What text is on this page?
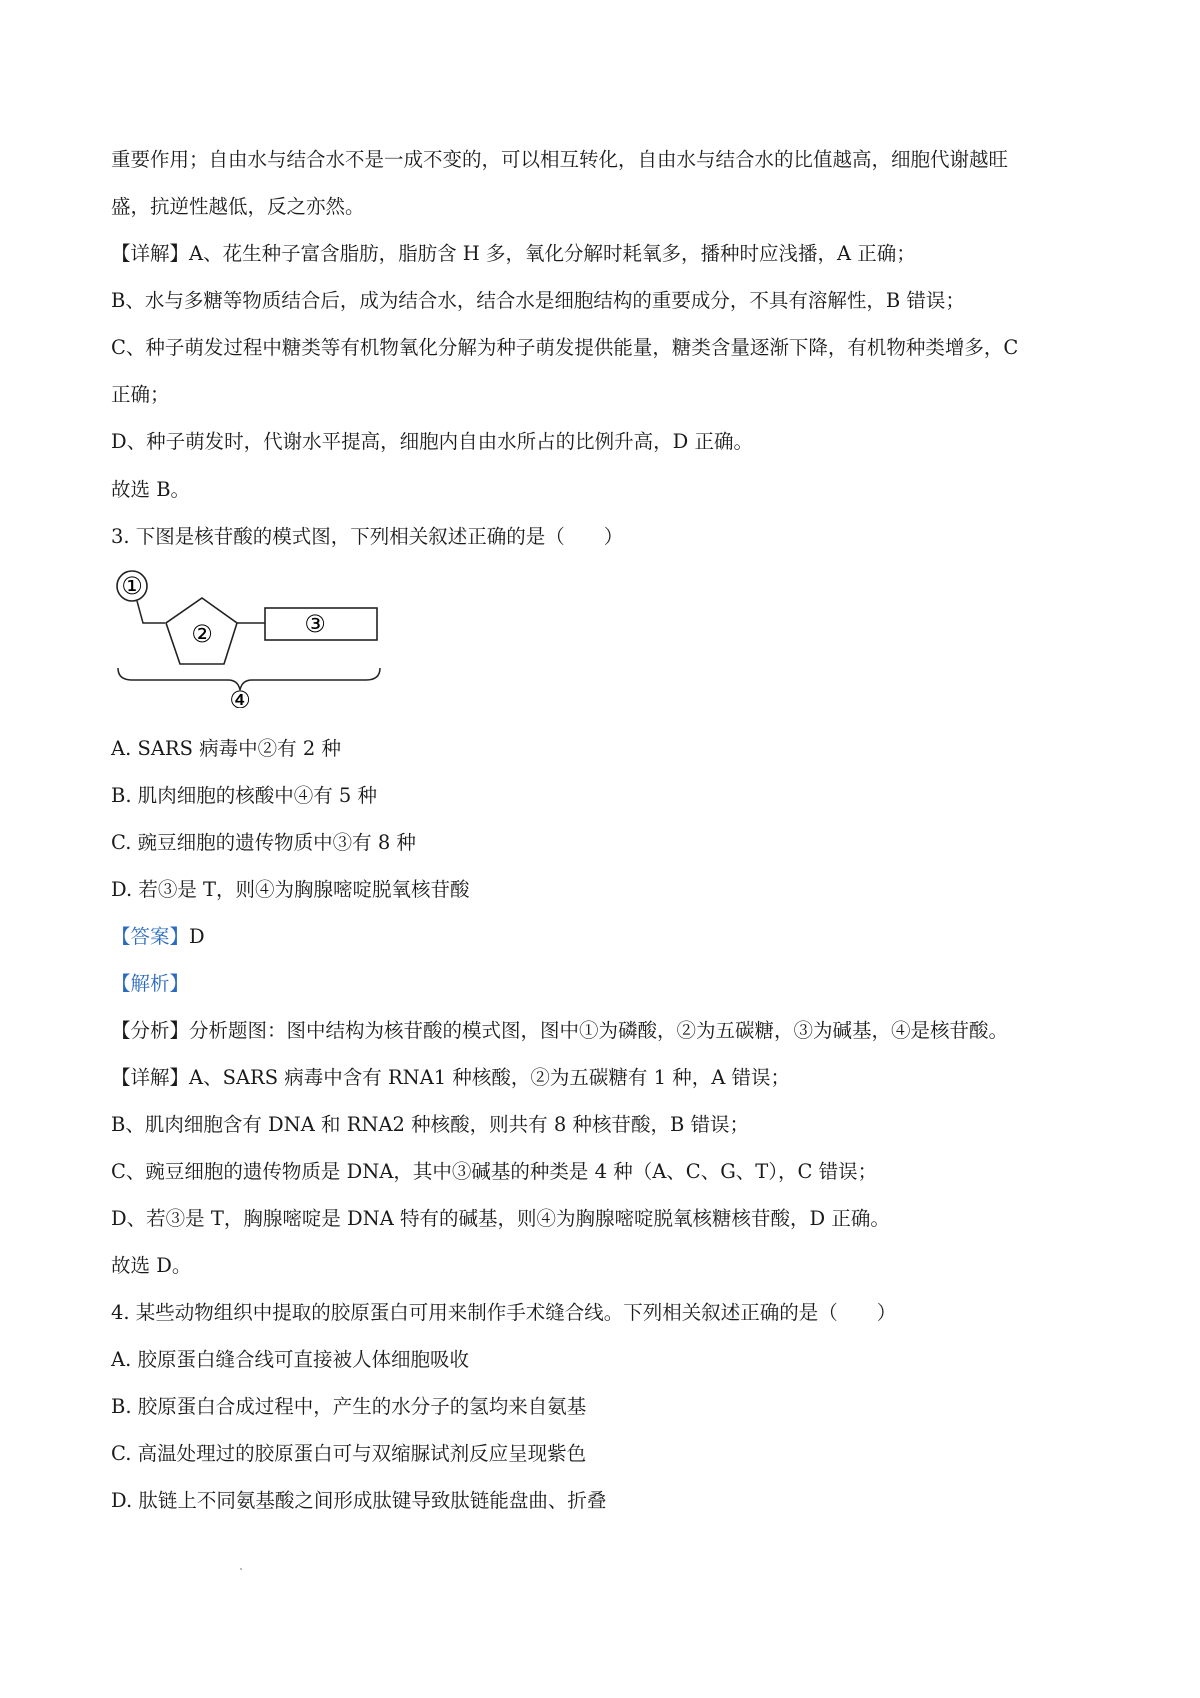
重要作用；自由水与结合水不是一成不变的，可以相互转化，自由水与结合水的比值越高，细胞代谢越旺
盛，抗逆性越低，反之亦然。
【详解】A、花生种子富含脂肪，脂肪含 H 多，氧化分解时耗氧多，播种时应浅播，A 正确；
B、水与多糖等物质结合后，成为结合水，结合水是细胞结构的重要成分，不具有溶解性，B 错误；
C、种子萌发过程中糖类等有机物氧化分解为种子萌发提供能量，糖类含量逐渐下降，有机物种类增多，C
正确；
D、种子萌发时，代谢水平提高，细胞内自由水所占的比例升高，D 正确。
故选 B。
3. 下图是核苷酸的模式图，下列相关叙述正确的是（　　）
①
②	③
④
A. SARS 病毒中②有 2 种
B. 肌肉细胞的核酸中④有 5 种
C. 豌豆细胞的遗传物质中③有 8 种
D. 若③是 T，则④为胸腺嘧啶脱氧核苷酸
【答案】D
【解析】
【分析】分析题图：图中结构为核苷酸的模式图，图中①为磷酸，②为五碳糖，③为碱基，④是核苷酸。
【详解】A、SARS 病毒中含有 RNA1 种核酸，②为五碳糖有 1 种，A 错误；
B、肌肉细胞含有 DNA 和 RNA2 种核酸，则共有 8 种核苷酸，B 错误；
C、豌豆细胞的遗传物质是 DNA，其中③碱基的种类是 4 种（A、C、G、T），C 错误；
D、若③是 T，胸腺嘧啶是 DNA 特有的碱基，则④为胸腺嘧啶脱氧核糖核苷酸，D 正确。
故选 D。
4. 某些动物组织中提取的胶原蛋白可用来制作手术缝合线。下列相关叙述正确的是（　　）
A. 胶原蛋白缝合线可直接被人体细胞吸收
B. 胶原蛋白合成过程中，产生的水分子的氢均来自氨基
C. 高温处理过的胶原蛋白可与双缩脲试剂反应呈现紫色
D. 肽链上不同氨基酸之间形成肽键导致肽链能盘曲、折叠
